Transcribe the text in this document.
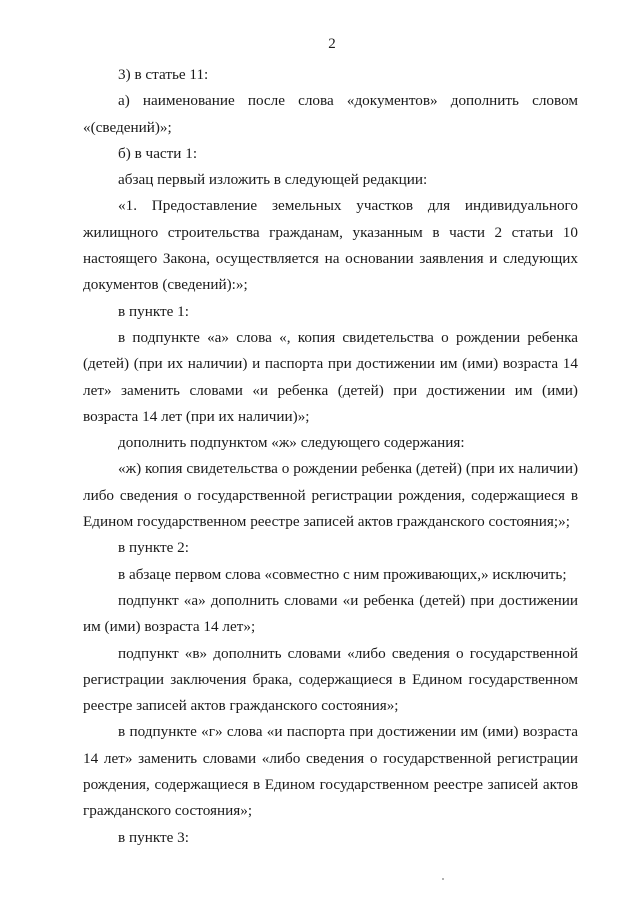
2

3) в статье 11:

а) наименование после слова «документов» дополнить словом «(сведений)»;

б) в части 1:

абзац первый изложить в следующей редакции:

«1. Предоставление земельных участков для индивидуального жилищного строительства гражданам, указанным в части 2 статьи 10 настоящего Закона, осуществляется на основании заявления и следующих документов (сведений):»;

в пункте 1:

в подпункте «а» слова «, копия свидетельства о рождении ребенка (детей) (при их наличии) и паспорта при достижении им (ими) возраста 14 лет» заменить словами «и ребенка (детей) при достижении им (ими) возраста 14 лет (при их наличии)»;

дополнить подпунктом «ж» следующего содержания:

«ж) копия свидетельства о рождении ребенка (детей) (при их наличии) либо сведения о государственной регистрации рождения, содержащиеся в Едином государственном реестре записей актов гражданского состояния;»;

в пункте 2:

в абзаце первом слова «совместно с ним проживающих,» исключить;

подпункт «а» дополнить словами «и ребенка (детей) при достижении им (ими) возраста 14 лет»;

подпункт «в» дополнить словами «либо сведения о государственной регистрации заключения брака, содержащиеся в Едином государственном реестре записей актов гражданского состояния»;

в подпункте «г» слова «и паспорта при достижении им (ими) возраста 14 лет» заменить словами «либо сведения о государственной регистрации рождения, содержащиеся в Едином государственном реестре записей актов гражданского состояния»;

в пункте 3:
